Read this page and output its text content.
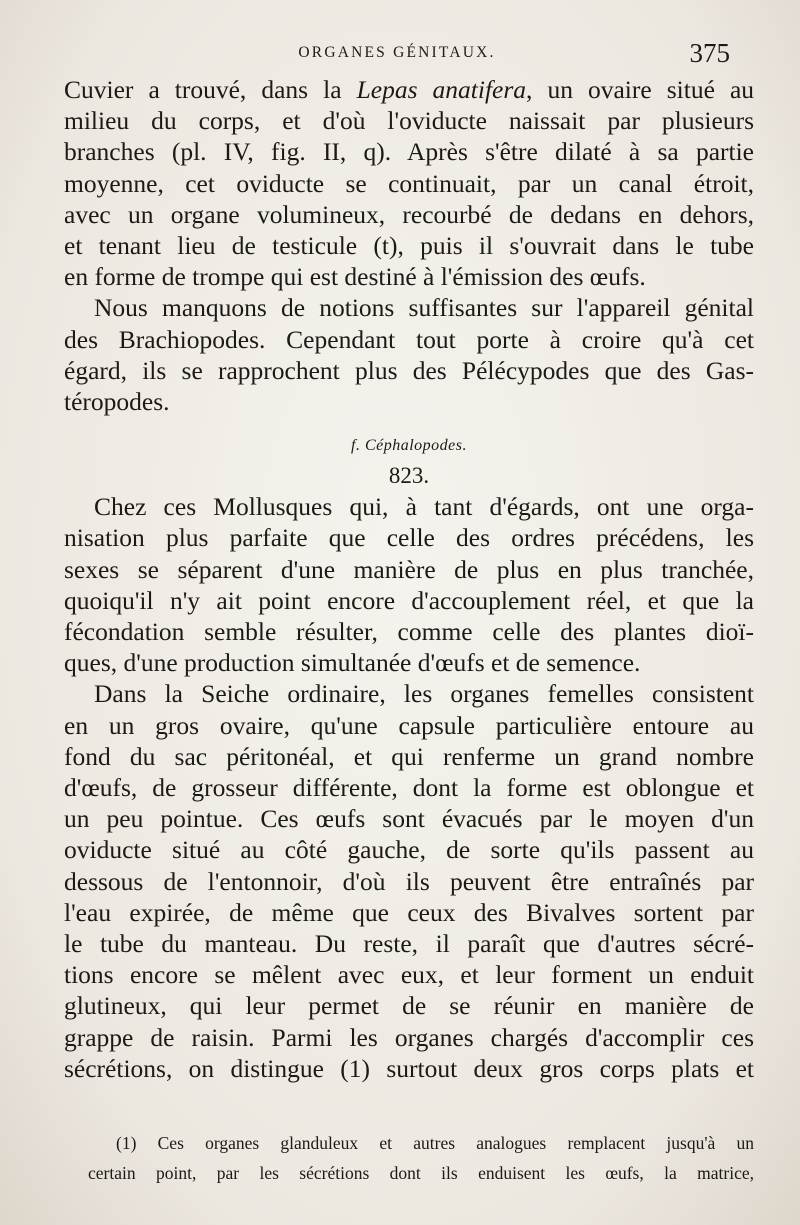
ORGANES GÉNITAUX.	375
Cuvier a trouvé, dans la Lepas anatifera, un ovaire situé au
milieu du corps, et d'où l'oviducte naissait par plusieurs
branches (pl. IV, fig. II, q). Après s'être dilaté à sa partie
moyenne, cet oviducte se continuait, par un canal étroit,
avec un organe volumineux, recourbé de dedans en dehors,
et tenant lieu de testicule (t), puis il s'ouvrait dans le tube
en forme de trompe qui est destiné à l'émission des œufs.
Nous manquons de notions suffisantes sur l'appareil génital
des Brachiopodes. Cependant tout porte à croire qu'à cet
égard, ils se rapprochent plus des Pélécypodes que des Gas-
téropodes.
f. Céphalopodes.
823.
Chez ces Mollusques qui, à tant d'égards, ont une orga-
nisation plus parfaite que celle des ordres précédens, les
sexes se séparent d'une manière de plus en plus tranchée,
quoiqu'il n'y ait point encore d'accouplement réel, et que la
fécondation semble résulter, comme celle des plantes dioï-
ques, d'une production simultanée d'œufs et de semence.
Dans la Seiche ordinaire, les organes femelles consistent
en un gros ovaire, qu'une capsule particulière entoure au
fond du sac péritonéal, et qui renferme un grand nombre
d'œufs, de grosseur différente, dont la forme est oblongue et
un peu pointue. Ces œufs sont évacués par le moyen d'un
oviducte situé au côté gauche, de sorte qu'ils passent au
dessous de l'entonnoir, d'où ils peuvent être entraînés par
l'eau expirée, de même que ceux des Bivalves sortent par
le tube du manteau. Du reste, il paraît que d'autres sécré-
tions encore se mêlent avec eux, et leur forment un enduit
glutineux, qui leur permet de se réunir en manière de
grappe de raisin. Parmi les organes chargés d'accomplir ces
sécrétions, on distingue (1) surtout deux gros corps plats et
(1) Ces organes glanduleux et autres analogues remplacent jusqu'à un
certain point, par les sécrétions dont ils enduisent les œufs, la matrice,
